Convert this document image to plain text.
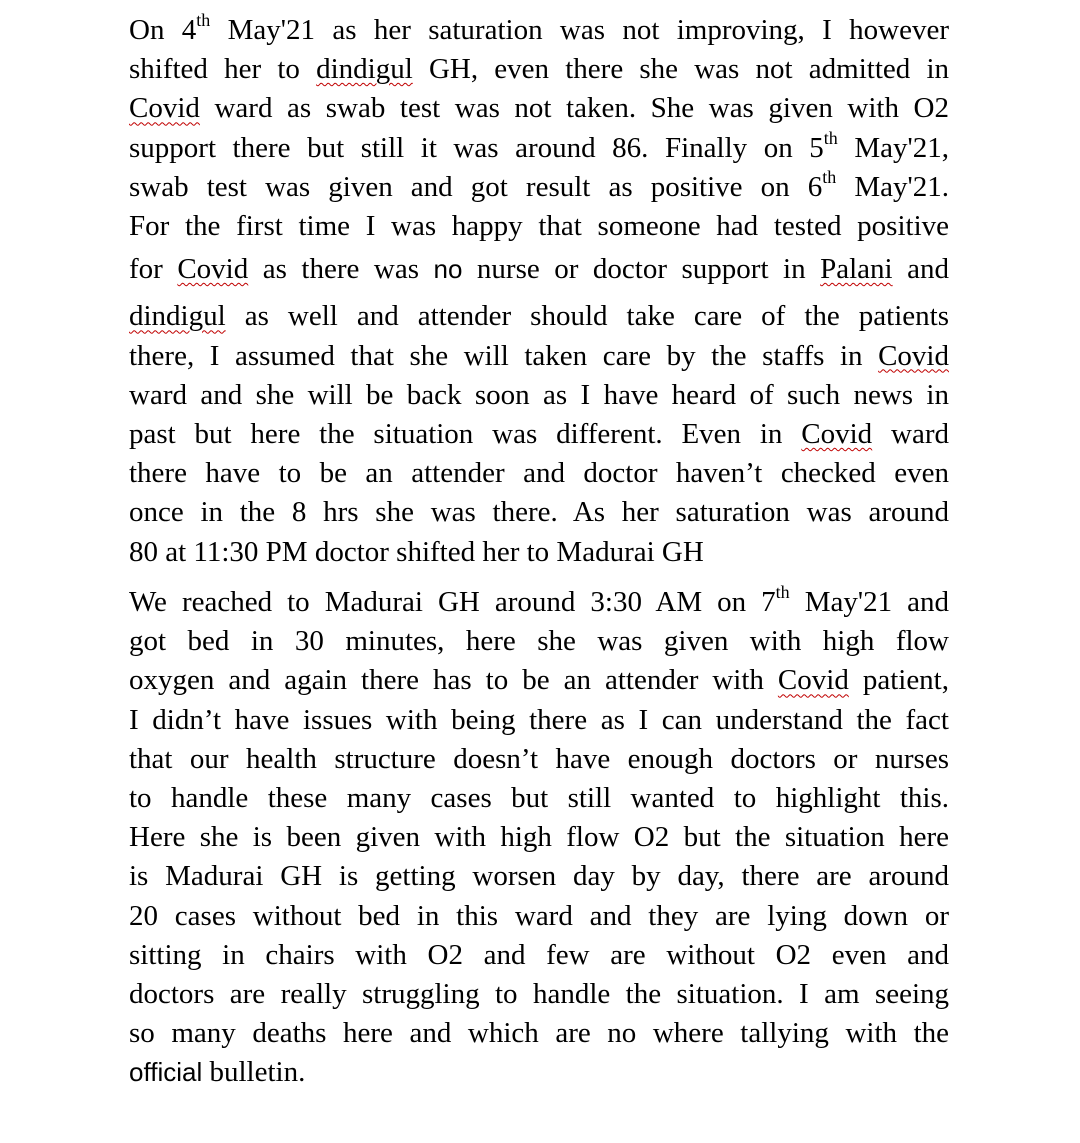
On 4th May'21 as her saturation was not improving, I however
shifted her to dindigul GH, even there she was not admitted in
Covid ward as swab test was not taken. She was given with O2
support there but still it was around 86. Finally on 5th May'21,
swab test was given and got result as positive on 6th May'21.
For the first time I was happy that someone had tested positive
for Covid as there was no nurse or doctor support in Palani and
dindigul as well and attender should take care of the patients
there, I assumed that she will taken care by the staffs in Covid
ward and she will be back soon as I have heard of such news in
past but here the situation was different. Even in Covid ward
there have to be an attender and doctor haven’t checked even
once in the 8 hrs she was there. As her saturation was around
80 at 11:30 PM doctor shifted her to Madurai GH
We reached to Madurai GH around 3:30 AM on 7th May'21 and
got bed in 30 minutes, here she was given with high flow
oxygen and again there has to be an attender with Covid patient,
I didn’t have issues with being there as I can understand the fact
that our health structure doesn’t have enough doctors or nurses
to handle these many cases but still wanted to highlight this.
Here she is been given with high flow O2 but the situation here
is Madurai GH is getting worsen day by day, there are around
20 cases without bed in this ward and they are lying down or
sitting in chairs with O2 and few are without O2 even and
doctors are really struggling to handle the situation. I am seeing
so many deaths here and which are no where tallying with the
official bulletin.
